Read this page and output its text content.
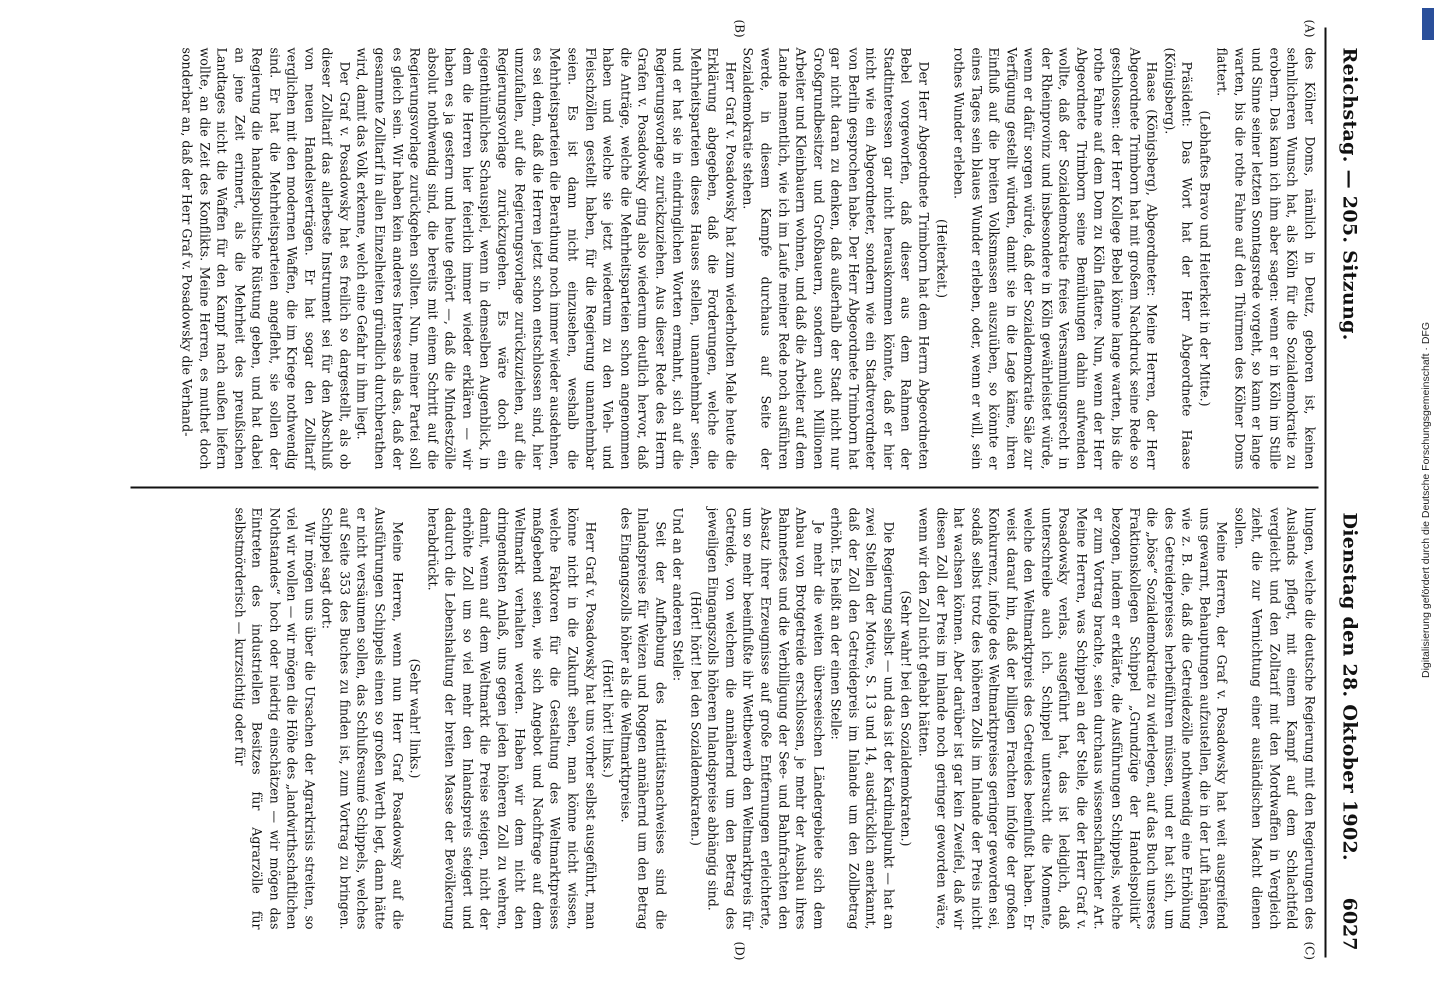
Reichstag. — 205. Sitzung.
Dienstag den 28. Oktober 1902.
6027
(A)
(B)
(C)
(D)

des Kölner Doms, nämlich in Deutz, geboren ist, keinen sehnlicheren Wunsch hat, als Köln für die Sozialdemokratie zu erobern. Das kann ich ihm aber sagen: wenn er in Köln im Stille und Sinne seiner letzten Sonntagsrede vorgeht, so kann er lange warten, bis die rothe Fahne auf den Thürmen des Kölner Doms flattert.

(Lebhaftes Bravo und Heiterkeit in der Mitte.)

Präsident: Das Wort hat der Herr Abgeordnete Haase (Königsberg).

Haase (Königsberg), Abgeordneter: Meine Herren, der Herr Abgeordnete Trimborn hat mit großem Nachdruck seine Rede so geschlossen: der Herr Kollege Bebel könne lange warten, bis die rothe Fahne auf dem Dom zu Köln flattere. Nun, wenn der Herr Abgeordnete Trimborn seine Bemühungen dahin aufwenden wollte, daß der Sozialdemokratie freies Versammlungsrecht in der Rheinprovinz und insbesondere in Köln gewährleistet würde, wenn er dafür sorgen würde, daß der Sozialdemokratie Säle zur Verfügung gestellt würden, damit sie in die Lage käme, ihren Einfluß auf die breiten Volksmassen auszuüben, so könnte er eines Tages sein blaues Wunder erleben, oder, wenn er will, sein rothes Wunder erleben.

(Heiterkeit.)

Der Herr Abgeordnete Trimborn hat dem Herrn Abgeordneten Bebel vorgeworfen, daß dieser aus dem Rahmen der Stadtinteressen gar nicht herauskommen könnte, daß er hier nicht wie ein Abgeordneter, sondern wie ein Stadtverordneter von Berlin gesprochen habe. Der Herr Abgeordnete Trimborn hat gar nicht daran zu denken, daß außerhalb der Stadt nicht nur Großgrundbesitzer und Großbauern, sondern auch Millionen Arbeiter und Kleinbauern wohnen, und daß die Arbeiter auf dem Lande namentlich, wie ich im Laufe meiner Rede noch ausführen werde, in diesem Kampfe durchaus auf Seite der Sozialdemokratie stehen.

Herr Graf v. Posadowsky hat zum wiederholten Male heute die Erklärung abgegeben, daß die Forderungen, welche die Mehrheitsparteien dieses Hauses stellen, unannehmbar seien, und er hat sie in eindringlichen Worten ermahnt, sich auf die Regierungsvorlage zurückzuziehen. Aus dieser Rede des Herrn Grafen v. Posadowsky ging also wiederum deutlich hervor, daß die Anträge, welche die Mehrheitsparteien schon angenommen haben und welche sie jetzt wiederum zu den Vieh- und Fleischzöllen gestellt haben, für die Regierung unannehmbar seien. Es ist dann nicht einzusehen, weshalb die Mehrheitsparteien die Berathung noch immer wieder ausdehnen, es sei denn, daß die Herren jetzt schon entschlossen sind, hier umzufallen, auf die Regierungsvorlage zurückzuziehen, auf die Regierungsvorlage zurückzugehen. Es wäre doch ein eigenthümliches Schauspiel, wenn in demselben Augenblick, in dem die Herren hier feierlich immer wieder erklären — wir haben es ja gestern und heute gehört —, daß die Mindestzölle absolut nothwendig sind, die bereits mit einem Schritt auf die Regierungsvorlage zurückgehen sollten. Nun, meiner Partei soll es gleich sein. Wir haben kein anderes Interesse als das, daß der gesammte Zolltarif in allen Einzelheiten gründlich durchberathen wird, damit das Volk erkenne, welch eine Gefahr in ihm liegt.

Der Graf v. Posadowsky hat es freilich so dargestellt, als ob dieser Zolltarif das allerbeste Instrument sei für den Abschluß von neuen Handelsverträgen. Er hat sogar den Zolltarif verglichen mit den modernen Waffen, die im Kriege nothwendig sind. Er hat die Mehrheitsparteien angefleht, sie sollen der Regierung die handelspolitische Rüstung geben, und hat dabei an jene Zeit erinnert, als die Mehrheit des preußischen Landtages nicht die Waffen für den Kampf nach außen liefern wollte, an die Zeit des Konflikts. Meine Herren, es muthet doch sonderbar an, daß der Herr Graf v. Posadowsky die Verhand-

lungen, welche die deutsche Regierung mit den Regierungen des Auslands pflegt, mit einem Kampf auf dem Schlachtfeld vergleicht und den Zolltarif mit den Mordwaffen in Vergleich zieht, die zur Vernichtung einer ausländischen Macht dienen sollen.

Meine Herren, der Graf v. Posadowsky hat weit ausgreifend uns gewarnt, Behauptungen aufzustellen, die in der Luft hängen, wie z. B. die, daß die Getreidezölle nothwendig eine Erhöhung des Getreidepreises herbeiführen müssen, und er hat sich, um die „böse“ Sozialdemokratie zu widerlegen, auf das Buch unseres Fraktionskollegen Schippel „Grundzüge der Handelspolitik“ bezogen, indem er erklärte, die Ausführungen Schippels, welche er zum Vortrag brachte, seien durchaus wissenschaftlicher Art. Meine Herren, was Schippel an der Stelle, die der Herr Graf v. Posadowsky verlas, ausgeführt hat, das ist lediglich, daß unterschreibe auch ich. Schippel untersucht die Momente, welche den Weltmarktpreis des Getreides beeinflußt haben. Er weist darauf hin, daß der billigen Frachten infolge der großen Konkurrenz, infolge des Weltmarktpreises geringer geworden sei, sodaß selbst trotz des höheren Zolls im Inlande der Preis nicht hat wachsen können. Aber darüber ist gar kein Zweifel, daß wir diesen Zoll der Preis im Inlande noch geringer geworden wäre, wenn wir den Zoll nicht gehabt hätten.

(Sehr wahr! bei den Sozialdemokraten.)

Die Regierung selbst — und das ist der Kardinalpunkt — hat an zwei Stellen der Motive, S. 13 und 14, ausdrücklich anerkannt, daß der Zoll den Getreidepreis im Inlande um den Zollbetrag erhöht. Es heißt an der einen Stelle:

Je mehr die weiten überseeischen Ländergebiete sich dem Anbau von Brotgetreide erschlossen, je mehr der Ausbau ihres Bahnnetzes und die Verbilligung der See- und Bahnfrachten den Absatz ihrer Erzeugnisse auf große Entfernungen erleichterte, um so mehr beeinflußte ihr Wettbewerb den Weltmarktpreis für Getreide, von welchem die annähernd um den Betrag des jeweiligen Eingangszolls höheren Inlandspreise abhängig sind.

(Hört! hört! bei den Sozialdemokraten.)

Und an der anderen Stelle:

Seit der Aufhebung des Identitätsnachweises sind die Inlandspreise für Weizen und Roggen annähernd um den Betrag des Eingangszolls höher als die Weltmarktpreise.

(Hört! hört! links.)

Herr Graf v. Posadowsky hat uns vorher selbst ausgeführt, man könne nicht in die Zukunft sehen, man könne nicht wissen, welche Faktoren für die Gestaltung des Weltmarktpreises maßgebend seien, wie sich Angebot und Nachfrage auf dem Weltmarkt verhalten werden. Haben wir dem nicht den dringendsten Anlaß, uns gegen jeden höheren Zoll zu wehren, damit, wenn auf dem Weltmarkt die Preise steigen, nicht der erhöhte Zoll um so viel mehr den Inlandspreis steigert und dadurch die Lebenshaltung der breiten Masse der Bevölkerung herabdrückt.

(Sehr wahr! links.)

Meine Herren, wenn nun Herr Graf Posadowsky auf die Ausführungen Schippels einen so großen Werth legt, dann hätte er nicht versäumen sollen, das Schlußresumé Schippels, welches auf Seite 353 des Buches zu finden ist, zum Vortrag zu bringen. Schippel sagt dort:

Wir mögen uns über die Ursachen der Agrarkrisis streiten, so viel wir wollen — wir mögen die Höhe des „landwirthschaftlichen Nothstandes“ hoch oder niedrig einschätzen — wir mögen das Eintreten des industriellen Besitzes für Agrarzölle für selbstmörderisch — kurzsichtig oder für	Digitalisierung gefördert durch die Deutsche Forschungsgemeinschaft · DFG
